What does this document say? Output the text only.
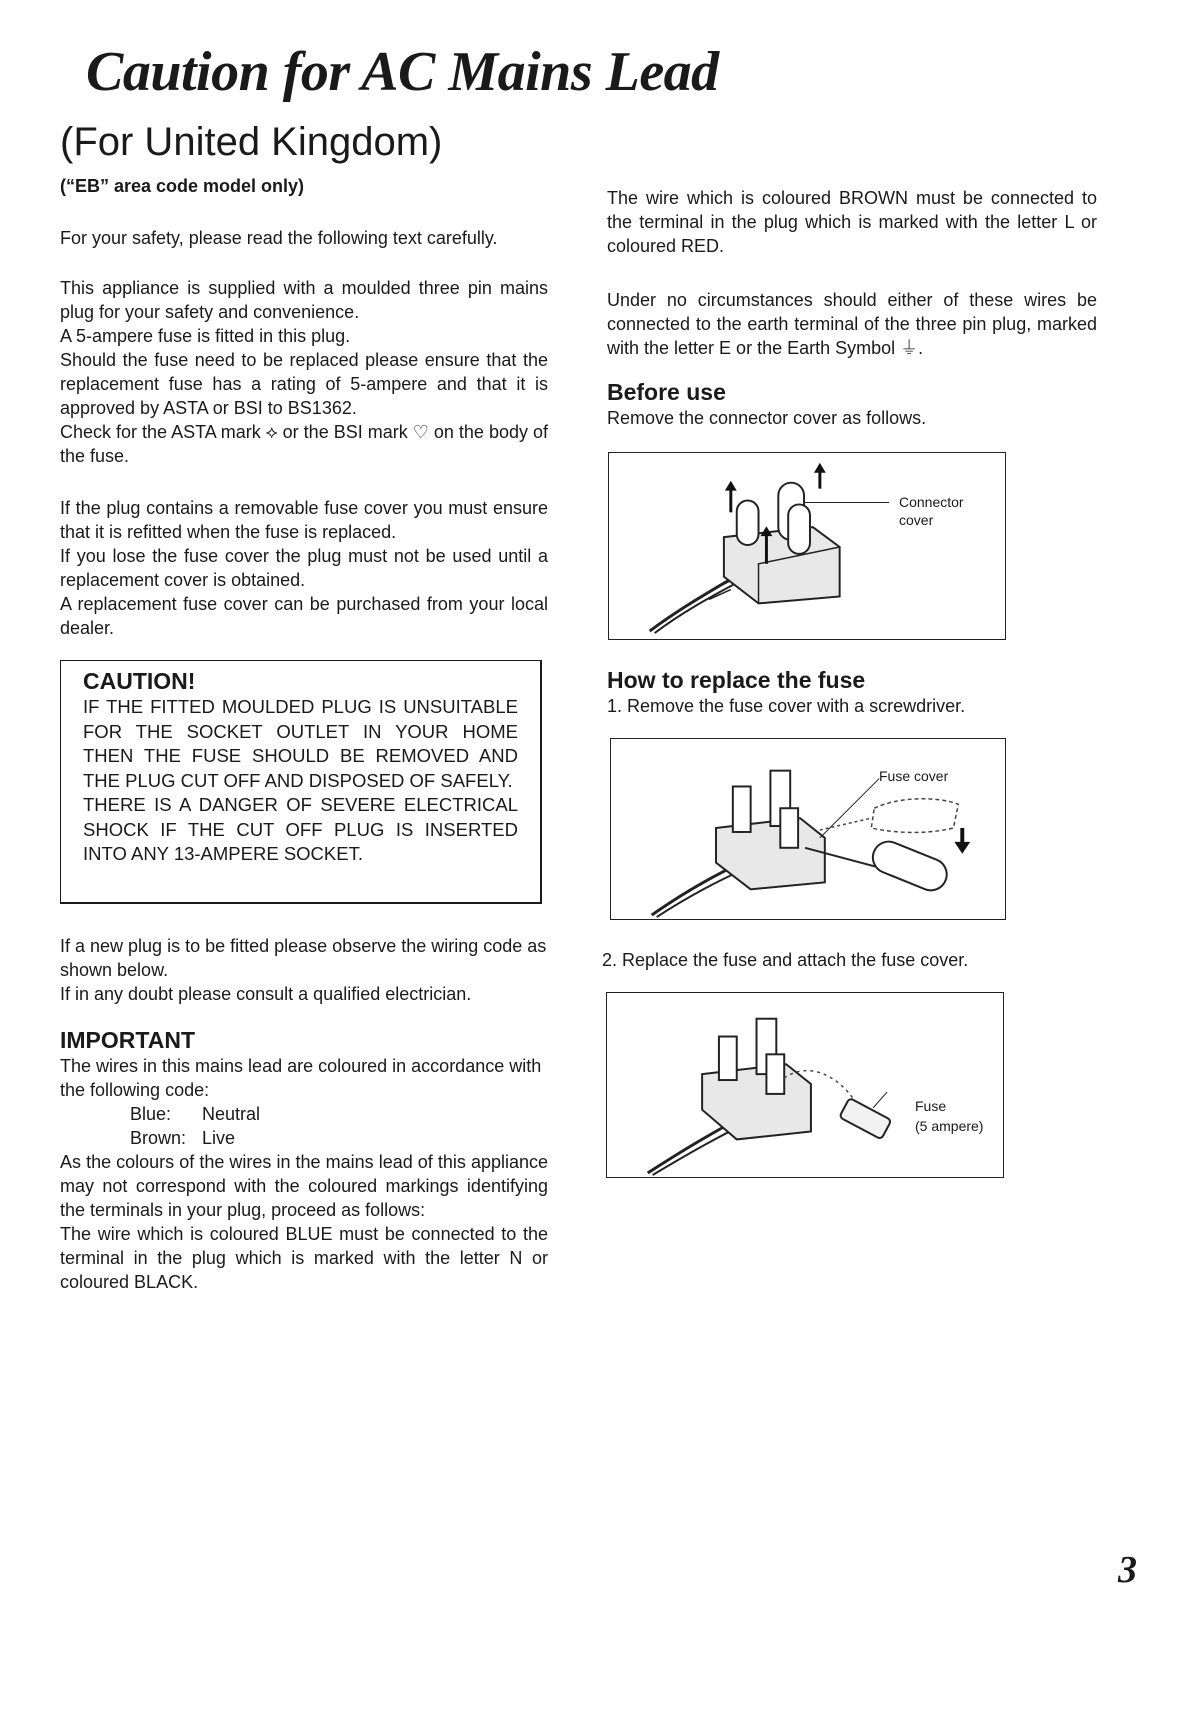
Caution for AC Mains Lead
(For United Kingdom)
(“EB” area code model only)

For your safety, please read the following text carefully.

This appliance is supplied with a moulded three pin mains plug for your safety and convenience.

A 5-ampere fuse is fitted in this plug.

Should the fuse need to be replaced please ensure that the replacement fuse has a rating of 5-ampere and that it is approved by ASTA or BSI to BS1362.

Check for the ASTA mark ⟡ or the BSI mark ♡ on the body of the fuse.

If the plug contains a removable fuse cover you must ensure that it is refitted when the fuse is replaced.

If you lose the fuse cover the plug must not be used until a replacement cover is obtained.

A replacement fuse cover can be purchased from your local dealer.

CAUTION!

IF THE FITTED MOULDED PLUG IS UNSUITABLE FOR THE SOCKET OUTLET IN YOUR HOME THEN THE FUSE SHOULD BE REMOVED AND THE PLUG CUT OFF AND DISPOSED OF SAFELY.

THERE IS A DANGER OF SEVERE ELECTRICAL SHOCK IF THE CUT OFF PLUG IS INSERTED INTO ANY 13-AMPERE SOCKET.

If a new plug is to be fitted please observe the wiring code as shown below.

If in any doubt please consult a qualified electrician.

IMPORTANT

The wires in this mains lead are coloured in accordance with the following code:

Blue: Neutral

Brown: Live

As the colours of the wires in the mains lead of this appliance may not correspond with the coloured markings identifying the terminals in your plug, proceed as follows:

The wire which is coloured BLUE must be connected to the terminal in the plug which is marked with the letter N or coloured BLACK.

The wire which is coloured BROWN must be connected to the terminal in the plug which is marked with the letter L or coloured RED.

Under no circumstances should either of these wires be connected to the earth terminal of the three pin plug, marked with the letter E or the Earth Symbol ⏚.

Before use

Remove the connector cover as follows.

Connector cover
How to replace the fuse

1. Remove the fuse cover with a screwdriver.

Fuse cover

2. Replace the fuse and attach the fuse cover.

Fuse
(5 ampere)
3
